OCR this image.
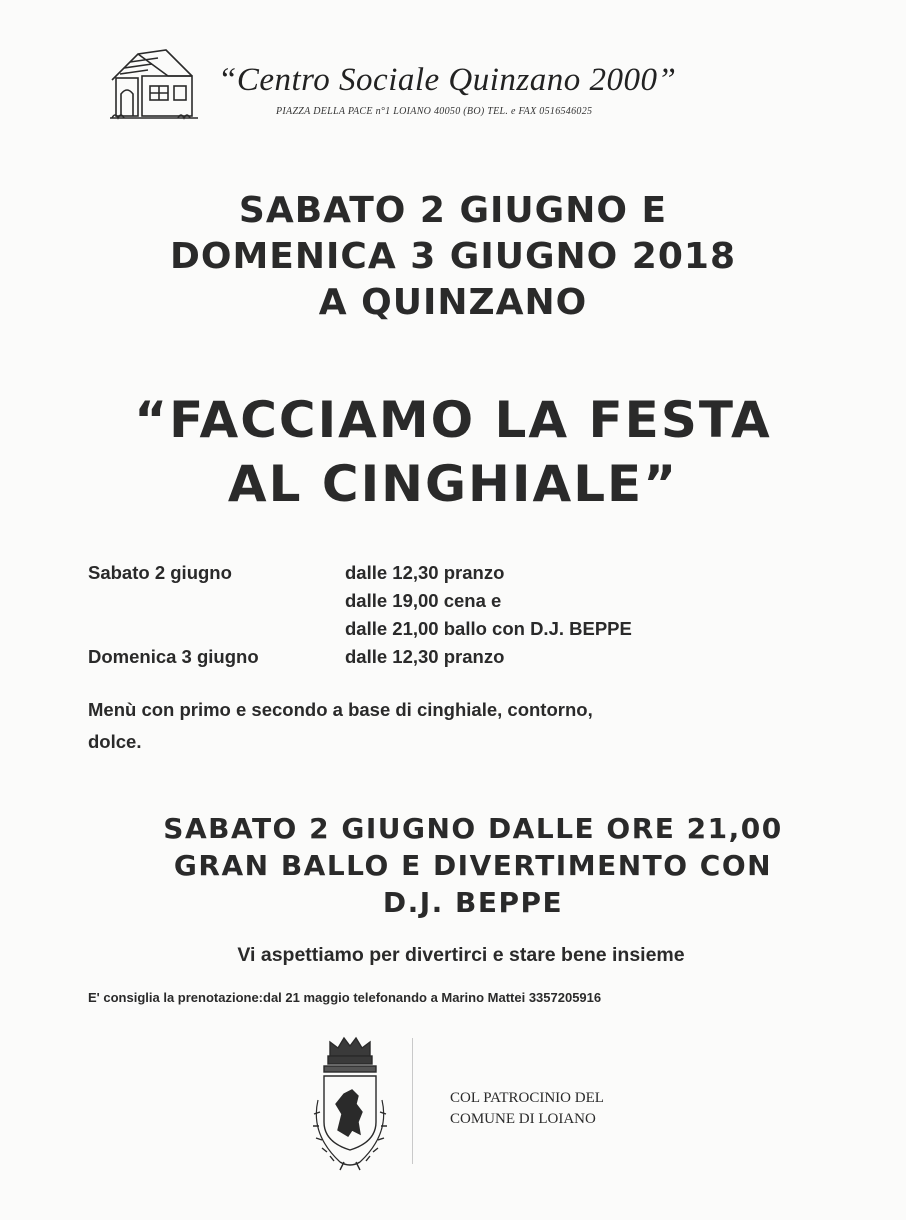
“Centro Sociale Quinzano 2000”
PIAZZA DELLA PACE n°1 LOIANO 40050 (BO) TEL. e FAX 0516546025
SABATO 2 GIUGNO E
DOMENICA 3 GIUGNO 2018
A QUINZANO
“FACCIAMO LA FESTA
AL CINGHIALE”
Sabato 2 giugno	dalle 12,30 pranzo
dalle 19,00 cena e
dalle 21,00 ballo con D.J. BEPPE
Domenica 3 giugno	dalle 12,30 pranzo
Menù con primo e secondo a base di cinghiale, contorno,
dolce.
SABATO 2 GIUGNO DALLE ORE 21,00
GRAN BALLO E DIVERTIMENTO CON
D.J. BEPPE
Vi aspettiamo per divertirci e stare bene insieme
E' consiglia la prenotazione:dal 21 maggio telefonando a Marino Mattei 3357205916
COL PATROCINIO DEL
COMUNE DI LOIANO
